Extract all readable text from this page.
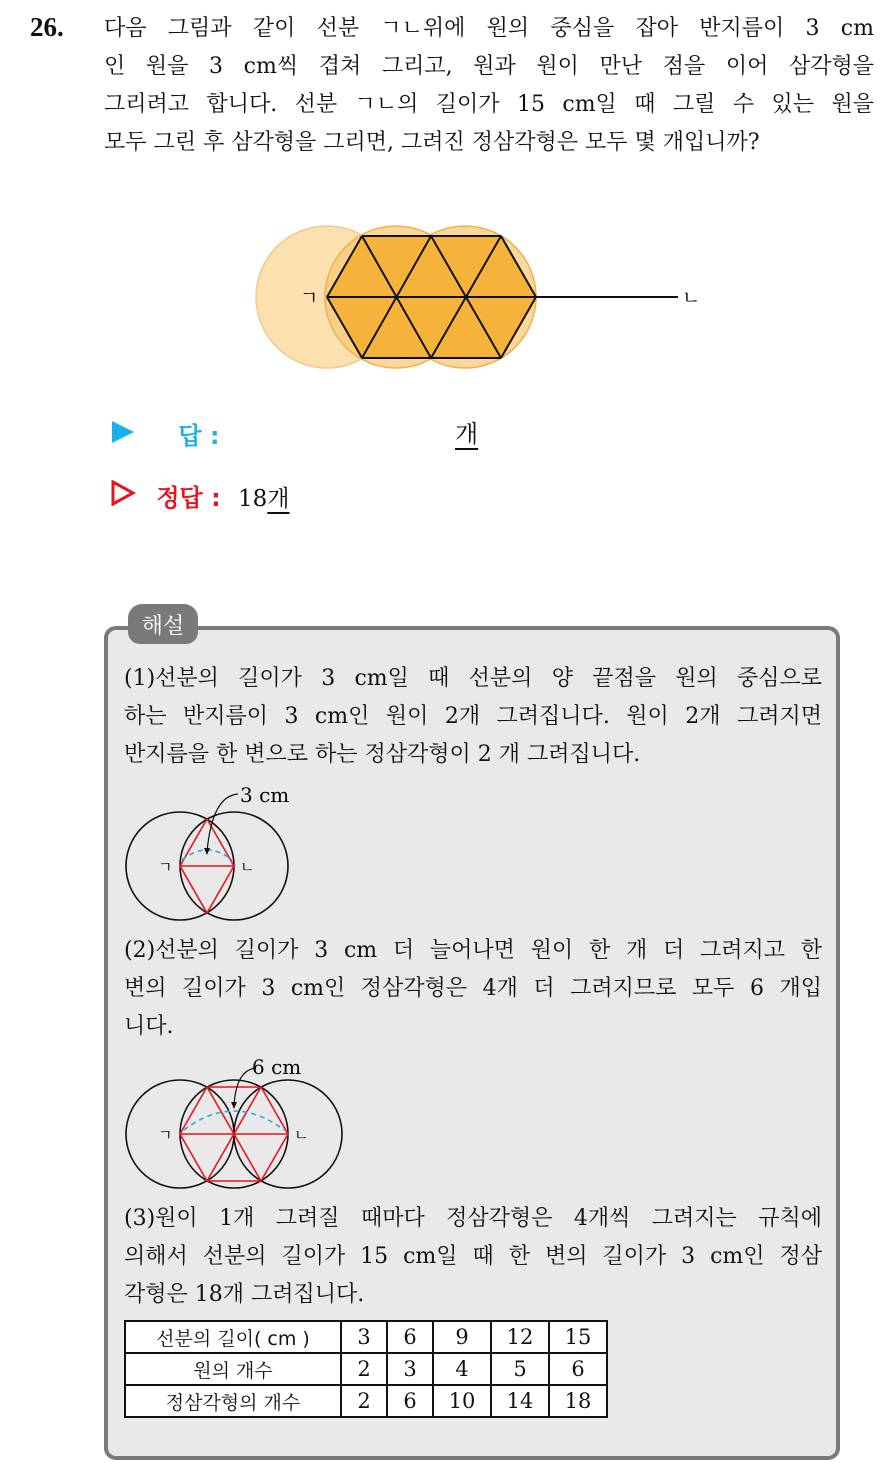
26. 다음 그림과 같이 선분 ㄱㄴ위에 원의 중심을 잡아 반지름이 3 cm
인 원을 3 cm씩 겹쳐 그리고, 원과 원이 만난 점을 이어 삼각형을
그리려고 합니다. 선분 ㄱㄴ의 길이가 15 cm일 때 그릴 수 있는 원을
모두 그린 후 삼각형을 그리면, 그려진 정삼각형은 모두 몇 개입니까?
ㄱ	ㄴ
답 :	개
정답 : 18개
해설
(1)선분의 길이가 3 cm일 때 선분의 양 끝점을 원의 중심으로
하는 반지름이 3 cm인 원이 2개 그려집니다. 원이 2개 그려지면
반지름을 한 변으로 하는 정삼각형이 2 개 그려집니다.
3 cm
ㄱ	ㄴ
(2)선분의 길이가 3 cm 더 늘어나면 원이 한 개 더 그려지고 한
변의 길이가 3 cm인 정삼각형은 4개 더 그려지므로 모두 6 개입
니다.
6 cm
ㄱ	ㄴ
(3)원이 1개 그려질 때마다 정삼각형은 4개씩 그려지는 규칙에
의해서 선분의 길이가 15 cm일 때 한 변의 길이가 3 cm인 정삼
각형은 18개 그려집니다.
선분의 길이( cm )	3	6	9	12	15
원의 개수	2	3	4	5	6
정삼각형의 개수	2	6	10	14	18
